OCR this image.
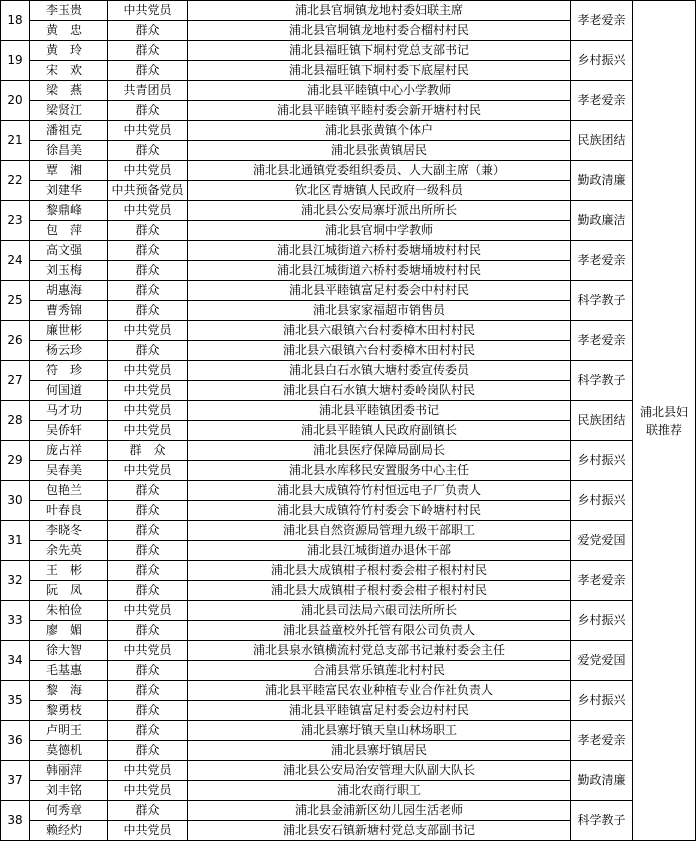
18	李玉贵	中共党员	浦北县官垌镇龙地村委妇联主席	孝老爱亲	浦北县妇联推荐
	黄　忠	群众	浦北县官垌镇龙地村委合榴村村民		
19	黄　玲	群众	浦北县福旺镇下垌村党总支部书记	乡村振兴	
	宋　欢	群众	浦北县福旺镇下垌村委下底屋村民		
20	梁　燕	共青团员	浦北县平睦镇中心小学教师	孝老爱亲	
	梁贤江	群众	浦北县平睦镇平睦村委会新开塘村村民		
21	潘祖克	中共党员	浦北县张黄镇个体户	民族团结	
	徐昌美	群众	浦北县张黄镇居民		
22	覃　湘	中共党员	浦北县北通镇党委组织委员、人大副主席（兼）	勤政清廉	
	刘建华	中共预备党员	钦北区青塘镇人民政府一级科员		
23	黎鼎峰	中共党员	浦北县公安局寨圩派出所所长	勤政廉洁	
	包　萍	群众	浦北县官垌中学教师		
24	高文强	群众	浦北县江城街道六桥村委塘埇坡村村民	孝老爱亲	
	刘玉梅	群众	浦北县江城街道六桥村委塘埇坡村村民		
25	胡惠海	群众	浦北县平睦镇富足村委会中村村民	科学教子	
	曹秀锦	群众	浦北县家家福超市销售员		
26	廉世彬	中共党员	浦北县六硍镇六台村委樟木田村村民	孝老爱亲	
	杨云珍	群众	浦北县六硍镇六台村委樟木田村村民		
27	符　珍	中共党员	浦北县白石水镇大塘村委宣传委员	科学教子	
	何国道	中共党员	浦北县白石水镇大塘村委岭岗队村民		
28	马才功	中共党员	浦北县平睦镇团委书记	民族团结	
	吴侨轩	中共党员	浦北县平睦镇人民政府副镇长		
29	庞占祥	群　众	浦北县医疗保障局副局长	乡村振兴	
	吴春美	中共党员	浦北县水库移民安置服务中心主任		
30	包艳兰	群众	浦北县大成镇符竹村恒远电子厂负责人	乡村振兴	
	叶春良	群众	浦北县大成镇符竹村委会下岭塘村村民		
31	李晓冬	群众	浦北县自然资源局管理九级干部职工	爱党爱国	
	余先英	群众	浦北县江城街道办退休干部		
32	王　彬	群众	浦北县大成镇柑子根村委会柑子根村村民	孝老爱亲	
	阮　凤	群众	浦北县大成镇柑子根村委会柑子根村村民		
33	朱柏俭	中共党员	浦北县司法局六硍司法所所长	乡村振兴	
	廖　媚	群众	浦北县益童校外托管有限公司负责人		
34	徐大智	中共党员	浦北县泉水镇横流村党总支部书记兼村委会主任	爱党爱国	
	毛基惠	群众	合浦县常乐镇莲北村村民		
35	黎　海	群众	浦北县平睦富民农业种植专业合作社负责人	乡村振兴	
	黎勇枝	群众	浦北县平睦镇富足村委会边村村民		
36	卢明王	群众	浦北县寨圩镇天皇山林场职工	孝老爱亲	
	莫德机	群众	浦北县寨圩镇居民		
37	韩丽萍	中共党员	浦北县公安局治安管理大队副大队长	勤政清廉	
	刘丰铭	中共党员	浦北农商行职工		
38	何秀章	群众	浦北县金浦新区幼儿园生活老师	科学教子	
	赖经灼	中共党员	浦北县安石镇新塘村党总支部副书记		
